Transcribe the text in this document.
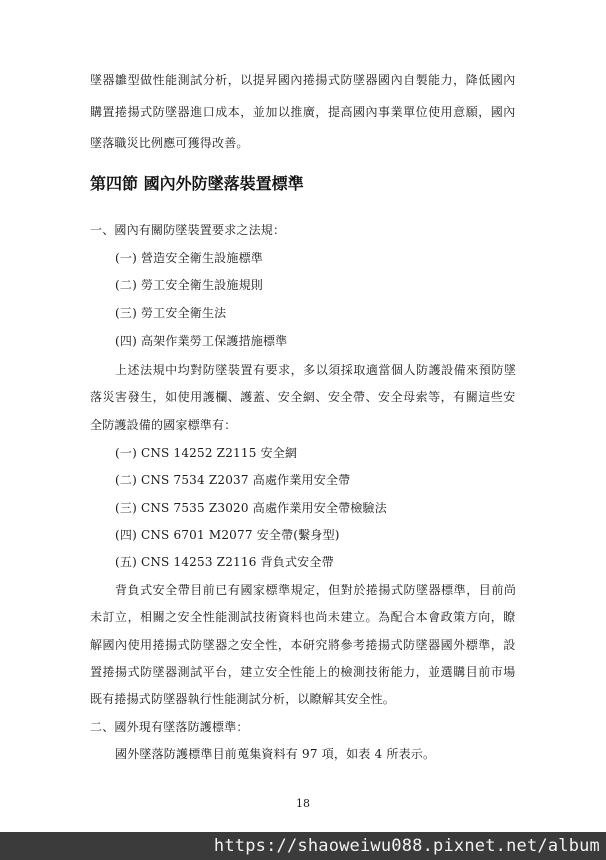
墜器雛型做性能測試分析，以提昇國內捲揚式防墜器國內自製能力，降低國內
購置捲揚式防墜器進口成本，並加以推廣，提高國內事業單位使用意願，國內
墜落職災比例應可獲得改善。
第四節 國內外防墜落裝置標準
一、國內有關防墜裝置要求之法規：
(一) 營造安全衛生設施標準
(二) 勞工安全衛生設施規則
(三) 勞工安全衛生法
(四) 高架作業勞工保護措施標準
上述法規中均對防墜裝置有要求，多以須採取適當個人防護設備來預防墜
落災害發生，如使用護欄、護蓋、安全網、安全帶、安全母索等，有關這些安
全防護設備的國家標準有：
(一) CNS 14252 Z2115 安全網
(二) CNS 7534 Z2037 高處作業用安全帶
(三) CNS 7535 Z3020 高處作業用安全帶檢驗法
(四) CNS 6701 M2077 安全帶(繫身型)
(五) CNS 14253 Z2116 背負式安全帶
背負式安全帶目前已有國家標準規定，但對於捲揚式防墜器標準，目前尚
未訂立，相關之安全性能測試技術資料也尚未建立。為配合本會政策方向，瞭
解國內使用捲揚式防墜器之安全性，本研究將參考捲揚式防墜器國外標準，設
置捲揚式防墜器測試平台，建立安全性能上的檢測技術能力，並選購目前市場
既有捲揚式防墜器執行性能測試分析，以瞭解其安全性。
二、國外現有墜落防護標準：
國外墜落防護標準目前蒐集資料有 97 項，如表 4 所表示。
18
https://shaoweiwu088.pixnet.net/album
